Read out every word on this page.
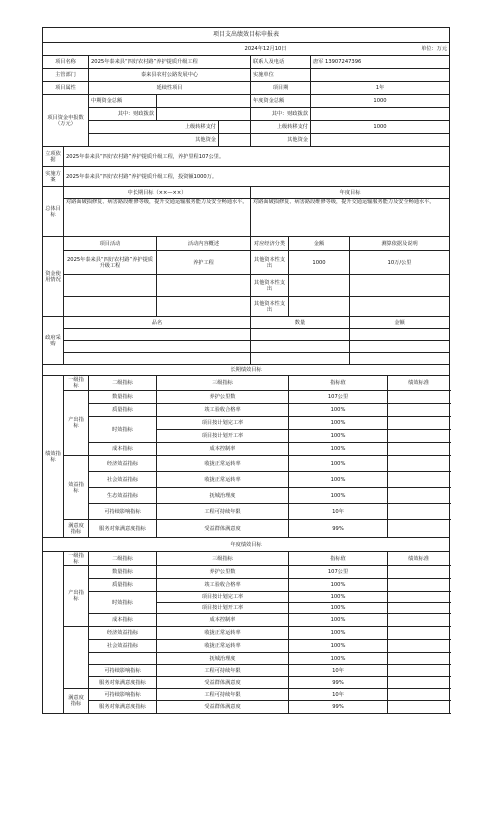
项目支出绩效目标申报表									
2024年12月10日						单位：万元			
项目名称		2025年泰来县“四好农村路”养护提质升级工程			联系人及电话		唐军 13907247396		
主管部门		泰来县农村公路发展中心			实施单位				
项目属性		延续性项目			项目期		1年		
项目资金申报数（万元）		中期资金总额			年度资金总额		1000		
		其中：财政拨款			其中：财政拨款				
		上级转移支付			上级转移支付		1000		
		其他资金			其他资金				
立项依据	2025年泰来县“四好农村路”养护提质升级工程，养护里程107公里。								
实施方案	2025年泰来县“四好农村路”养护提质升级工程，投资额1000万。								
总体目标	中长期目标（××—××）				年度目标				
	对路面破损修复、病害路段维修等级，提升交通运输服务能力及安全畅通水平。				对路面破损修复、病害路段维修等级，提升交通运输服务能力及安全畅通水平。				
资金使用情况	项目活动		活动内容概述		对应经济分类	金额		测算依据及说明	
	2025年泰来县“四好农村路”养护提质升级工程		养护工程		其他资本性支出	1000		10万/公里	
					其他资本性支出				
					其他资本性支出				
政府采购	品名				数量			金额	

长期绩效目标									
绩效指标	一级指标	二级指标	三级指标			指标值			绩效标准
	产出指标	数量指标	养护公里数			107公里			
		质量指标	竣工验收合格率			100%			
		时效指标	项目按计划完工率			100%			
			项目按计划开工率			100%			
		成本指标	成本控制率			100%			
	效益指标	经济效益指标	收拢正常运转率			100%			
		社会效益指标	收拢正常运转率			100%			
		生态效益指标	抚城治理度			100%			
		可持续影响指标	工程可持续年限			10年			
	满意度指标	服务对象满意度指标	受益群体满意度			99%			
年度绩效目标									
	一级指标	二级指标	三级指标			指标值			绩效标准
	产出指标	数量指标	养护公里数			107公里			
		质量指标	竣工验收合格率			100%			
		时效指标	项目按计划完工率			100%			
			项目按计划开工率			100%			
		成本指标	成本控制率			100%			
		经济效益指标	收拢正常运转率			100%			
		社会效益指标	收拢正常运转率			100%			
			抚城治理度			100%			
		可持续影响指标	工程可持续年限			10年			
		服务对象满意度指标	受益群体满意度			99%			
	满意度指标	可持续影响指标	工程可持续年限			10年			
		服务对象满意度指标	受益群体满意度			99%			
